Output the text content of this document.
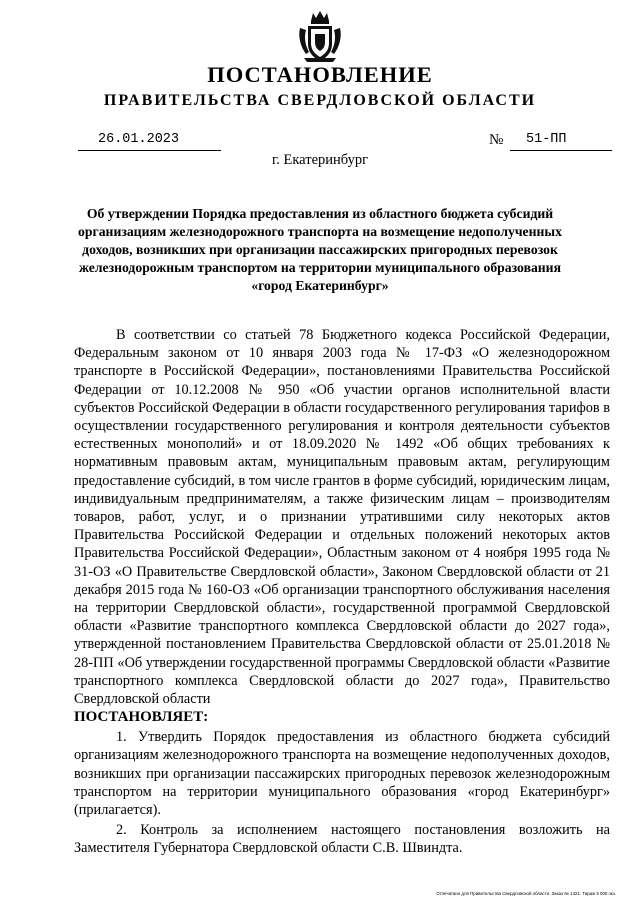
ПОСТАНОВЛЕНИЕ
ПРАВИТЕЛЬСТВА СВЕРДЛОВСКОЙ ОБЛАСТИ
26.01.2023	№ 51-ПП
г. Екатеринбург
Об утверждении Порядка предоставления из областного бюджета субсидий организациям железнодорожного транспорта на возмещение недополученных доходов, возникших при организации пассажирских пригородных перевозок железнодорожным транспортом на территории муниципального образования «город Екатеринбург»

В соответствии со статьей 78 Бюджетного кодекса Российской Федерации, Федеральным законом от 10 января 2003 года № 17-ФЗ «О железнодорожном транспорте в Российской Федерации», постановлениями Правительства Российской Федерации от 10.12.2008 № 950 «Об участии органов исполнительной власти субъектов Российской Федерации в области государственного регулирования тарифов в осуществлении государственного регулирования и контроля деятельности субъектов естественных монополий» и от 18.09.2020 № 1492 «Об общих требованиях к нормативным правовым актам, муниципальным правовым актам, регулирующим предоставление субсидий, в том числе грантов в форме субсидий, юридическим лицам, индивидуальным предпринимателям, а также физическим лицам – производителям товаров, работ, услуг, и о признании утратившими силу некоторых актов Правительства Российской Федерации и отдельных положений некоторых актов Правительства Российской Федерации», Областным законом от 4 ноября 1995 года № 31-ОЗ «О Правительстве Свердловской области», Законом Свердловской области от 21 декабря 2015 года № 160-ОЗ «Об организации транспортного обслуживания населения на территории Свердловской области», государственной программой Свердловской области «Развитие транспортного комплекса Свердловской области до 2027 года», утвержденной постановлением Правительства Свердловской области от 25.01.2018 № 28-ПП «Об утверждении государственной программы Свердловской области «Развитие транспортного комплекса Свердловской области до 2027 года», Правительство Свердловской области

ПОСТАНОВЛЯЕТ:

1. Утвердить Порядок предоставления из областного бюджета субсидий организациям железнодорожного транспорта на возмещение недополученных доходов, возникших при организации пассажирских пригородных перевозок железнодорожным транспортом на территории муниципального образования «город Екатеринбург» (прилагается).

2. Контроль за исполнением настоящего постановления возложить на Заместителя Губернатора Свердловской области С.В. Швиндта.

Отпечатано для Правительства Свердловской области. Заказ № 1421. Тираж 5 000 экз.
